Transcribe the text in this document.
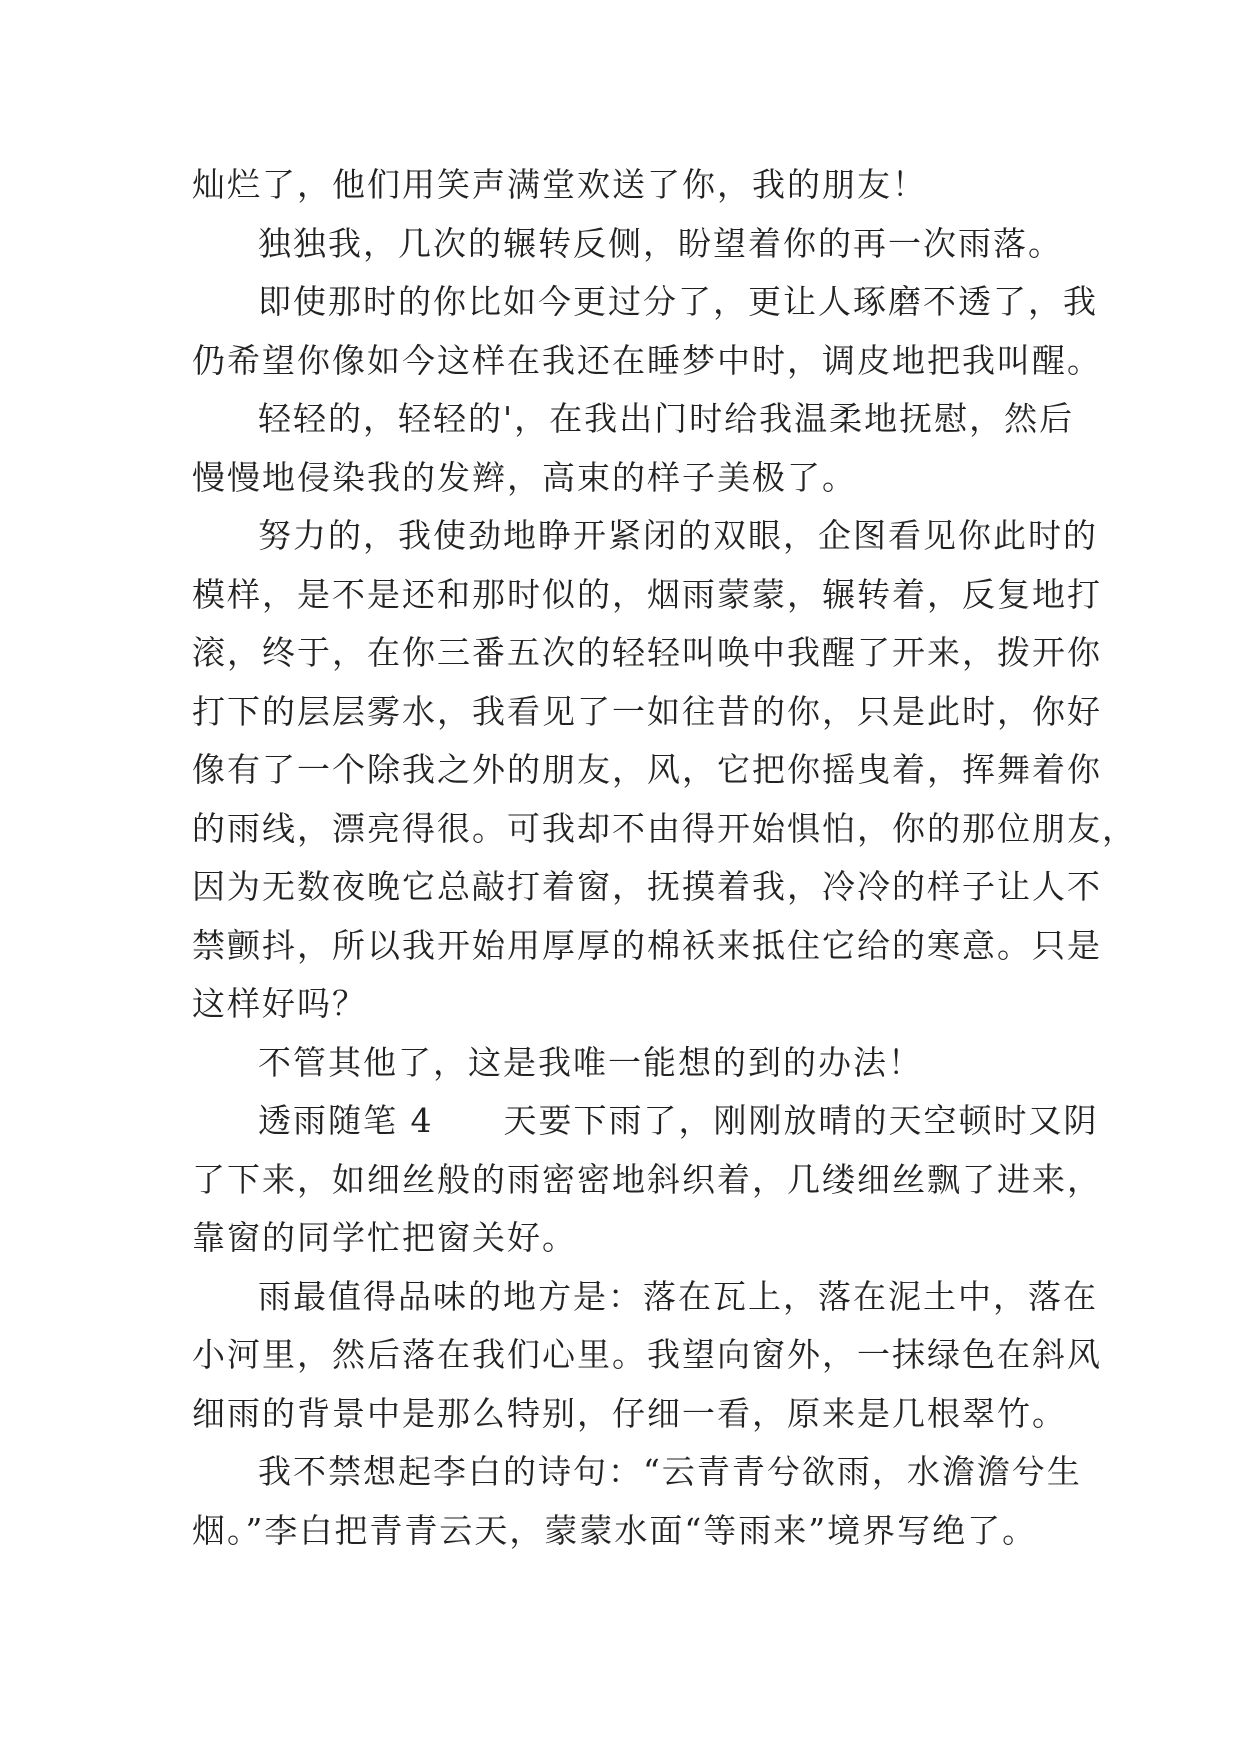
灿烂了，他们用笑声满堂欢送了你，我的朋友！
独独我，几次的辗转反侧，盼望着你的再一次雨落。
即使那时的你比如今更过分了，更让人琢磨不透了，我
仍希望你像如今这样在我还在睡梦中时，调皮地把我叫醒。
轻轻的，轻轻的'，在我出门时给我温柔地抚慰，然后
慢慢地侵染我的发辫，高束的样子美极了。
努力的，我使劲地睁开紧闭的双眼，企图看见你此时的
模样，是不是还和那时似的，烟雨蒙蒙，辗转着，反复地打
滚，终于，在你三番五次的轻轻叫唤中我醒了开来，拨开你
打下的层层雾水，我看见了一如往昔的你，只是此时，你好
像有了一个除我之外的朋友，风，它把你摇曳着，挥舞着你
的雨线，漂亮得很。可我却不由得开始惧怕，你的那位朋友，
因为无数夜晚它总敲打着窗，抚摸着我，冷冷的样子让人不
禁颤抖，所以我开始用厚厚的棉袄来抵住它给的寒意。只是
这样好吗？
不管其他了，这是我唯一能想的到的办法！
透雨随笔 4　　天要下雨了，刚刚放晴的天空顿时又阴
了下来，如细丝般的雨密密地斜织着，几缕细丝飘了进来，
靠窗的同学忙把窗关好。
雨最值得品味的地方是：落在瓦上，落在泥土中，落在
小河里，然后落在我们心里。我望向窗外，一抹绿色在斜风
细雨的背景中是那么特别，仔细一看，原来是几根翠竹。
我不禁想起李白的诗句：“云青青兮欲雨，水澹澹兮生
烟。”李白把青青云天，蒙蒙水面“等雨来”境界写绝了。
